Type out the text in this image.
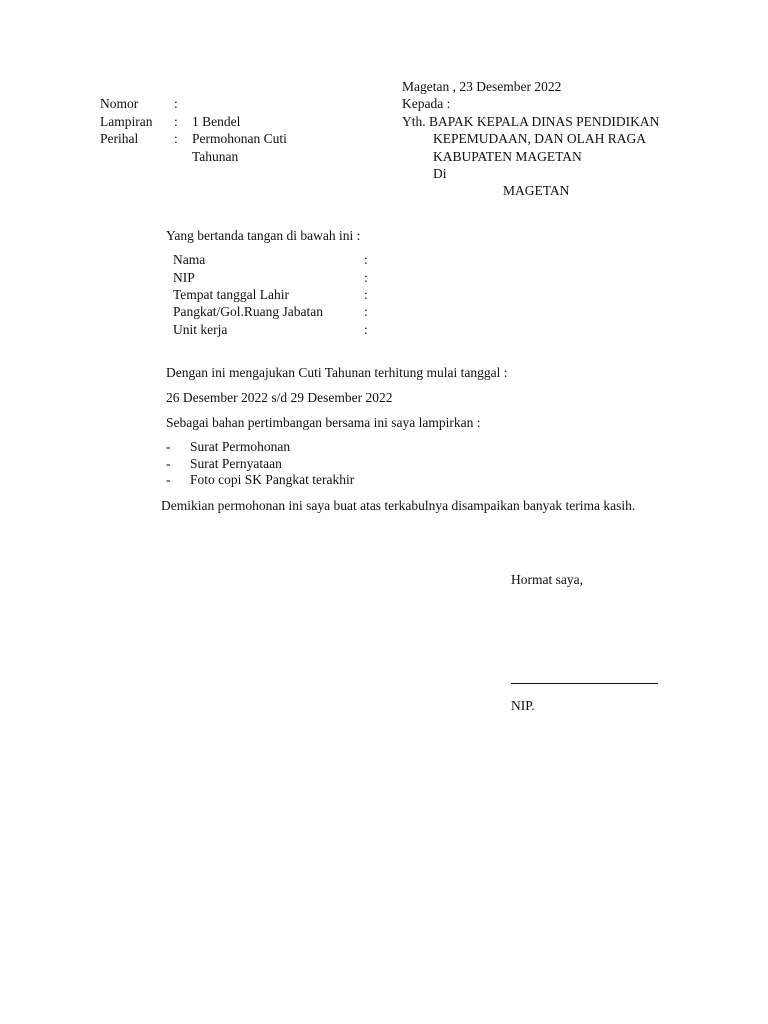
Magetan , 23 Desember 2022
Nomor	:
Lampiran : 1 Bendel
Perihal	: Permohonan Cuti
Tahunan
Kepada :
Yth. BAPAK KEPALA DINAS PENDIDIKAN
KEPEMUDAAN, DAN OLAH RAGA
KABUPATEN MAGETAN
Di
MAGETAN
Yang bertanda tangan di bawah ini :
Nama	:
NIP	:
Tempat tanggal Lahir	:
Pangkat/Gol.Ruang Jabatan	:
Unit kerja	:
Dengan ini mengajukan Cuti Tahunan terhitung mulai tanggal :
26 Desember 2022 s/d 29 Desember 2022
Sebagai bahan pertimbangan bersama ini saya lampirkan :
- Surat Permohonan
- Surat Pernyataan
- Foto copi SK Pangkat terakhir
Demikian permohonan ini saya buat atas terkabulnya disampaikan banyak terima kasih.
Hormat saya,
NIP.
